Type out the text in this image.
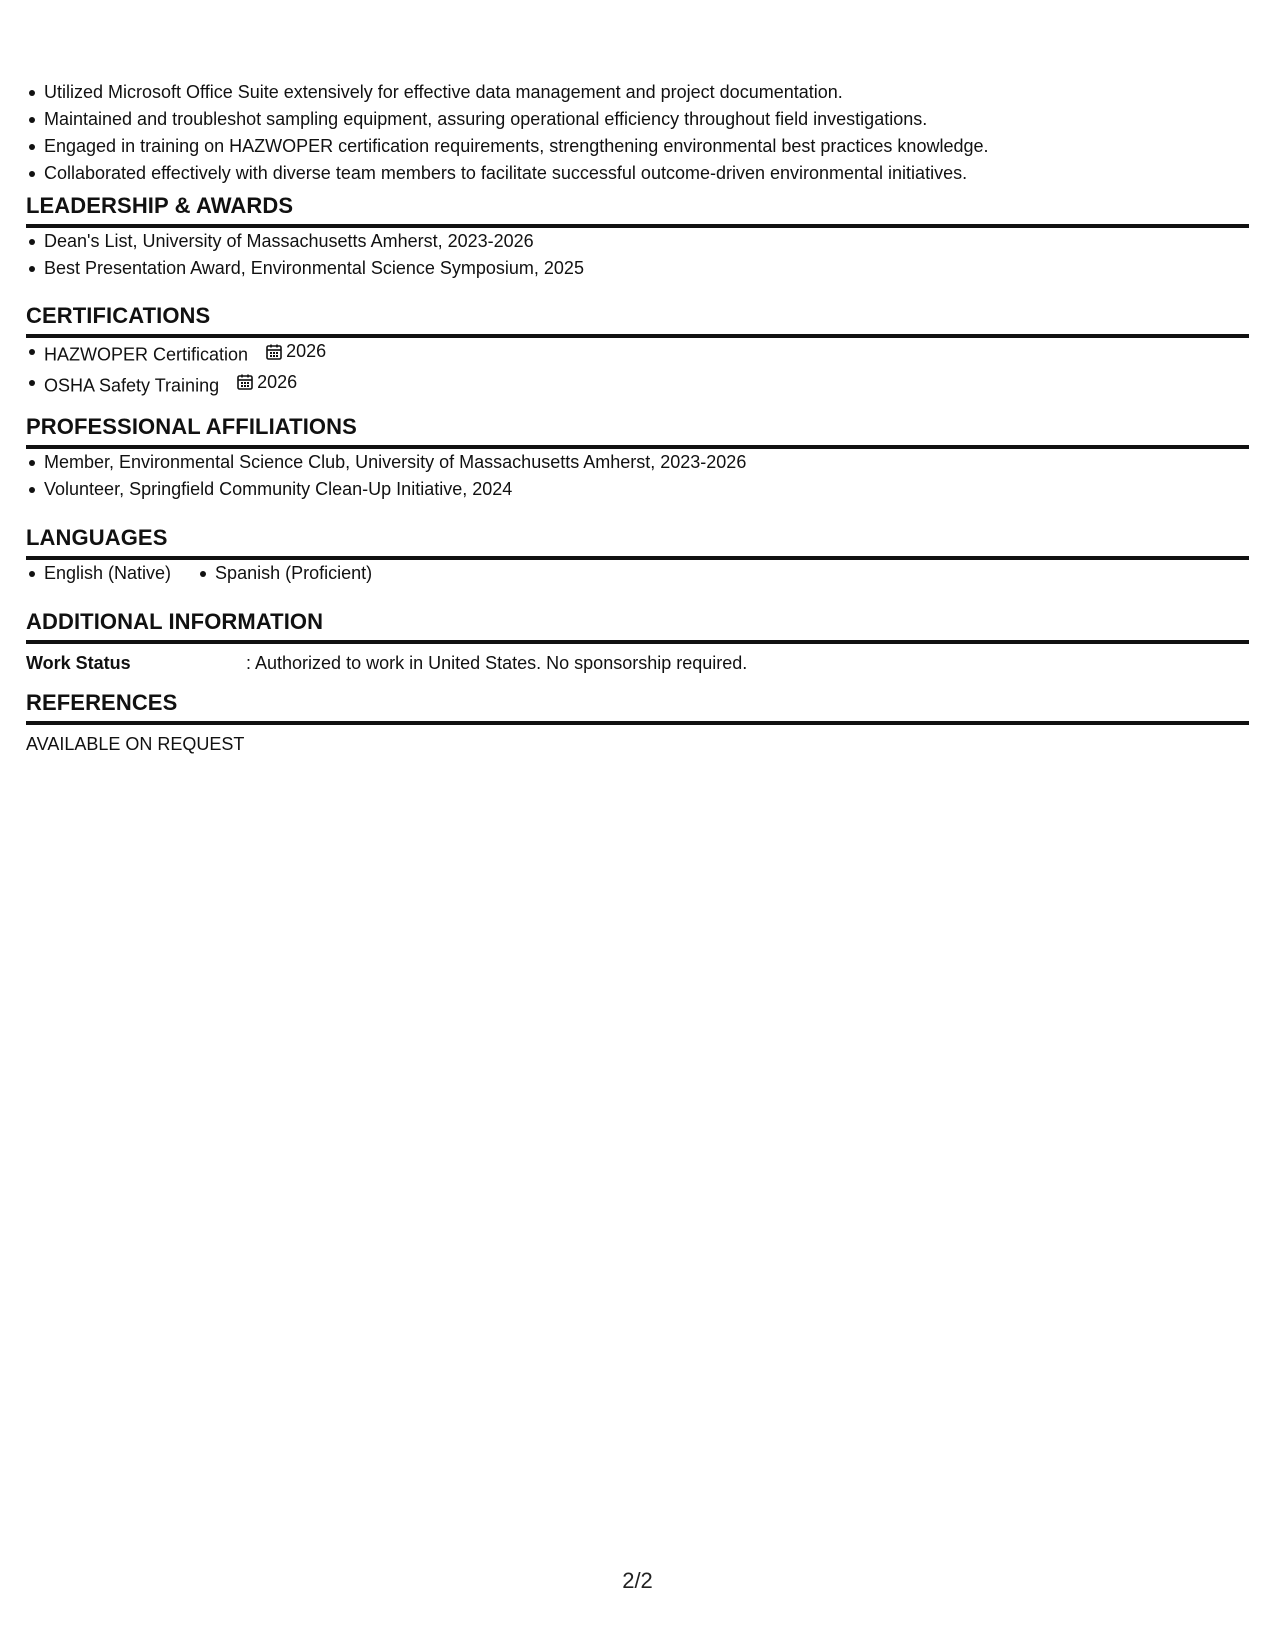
Utilized Microsoft Office Suite extensively for effective data management and project documentation.
Maintained and troubleshot sampling equipment, assuring operational efficiency throughout field investigations.
Engaged in training on HAZWOPER certification requirements, strengthening environmental best practices knowledge.
Collaborated effectively with diverse team members to facilitate successful outcome-driven environmental initiatives.
LEADERSHIP & AWARDS
Dean's List, University of Massachusetts Amherst, 2023-2026
Best Presentation Award, Environmental Science Symposium, 2025
CERTIFICATIONS
HAZWOPER Certification 2026
OSHA Safety Training 2026
PROFESSIONAL AFFILIATIONS
Member, Environmental Science Club, University of Massachusetts Amherst, 2023-2026
Volunteer, Springfield Community Clean-Up Initiative, 2024
LANGUAGES
English (Native)	Spanish (Proficient)
ADDITIONAL INFORMATION
Work Status	: Authorized to work in United States. No sponsorship required.
REFERENCES
AVAILABLE ON REQUEST
2/2
